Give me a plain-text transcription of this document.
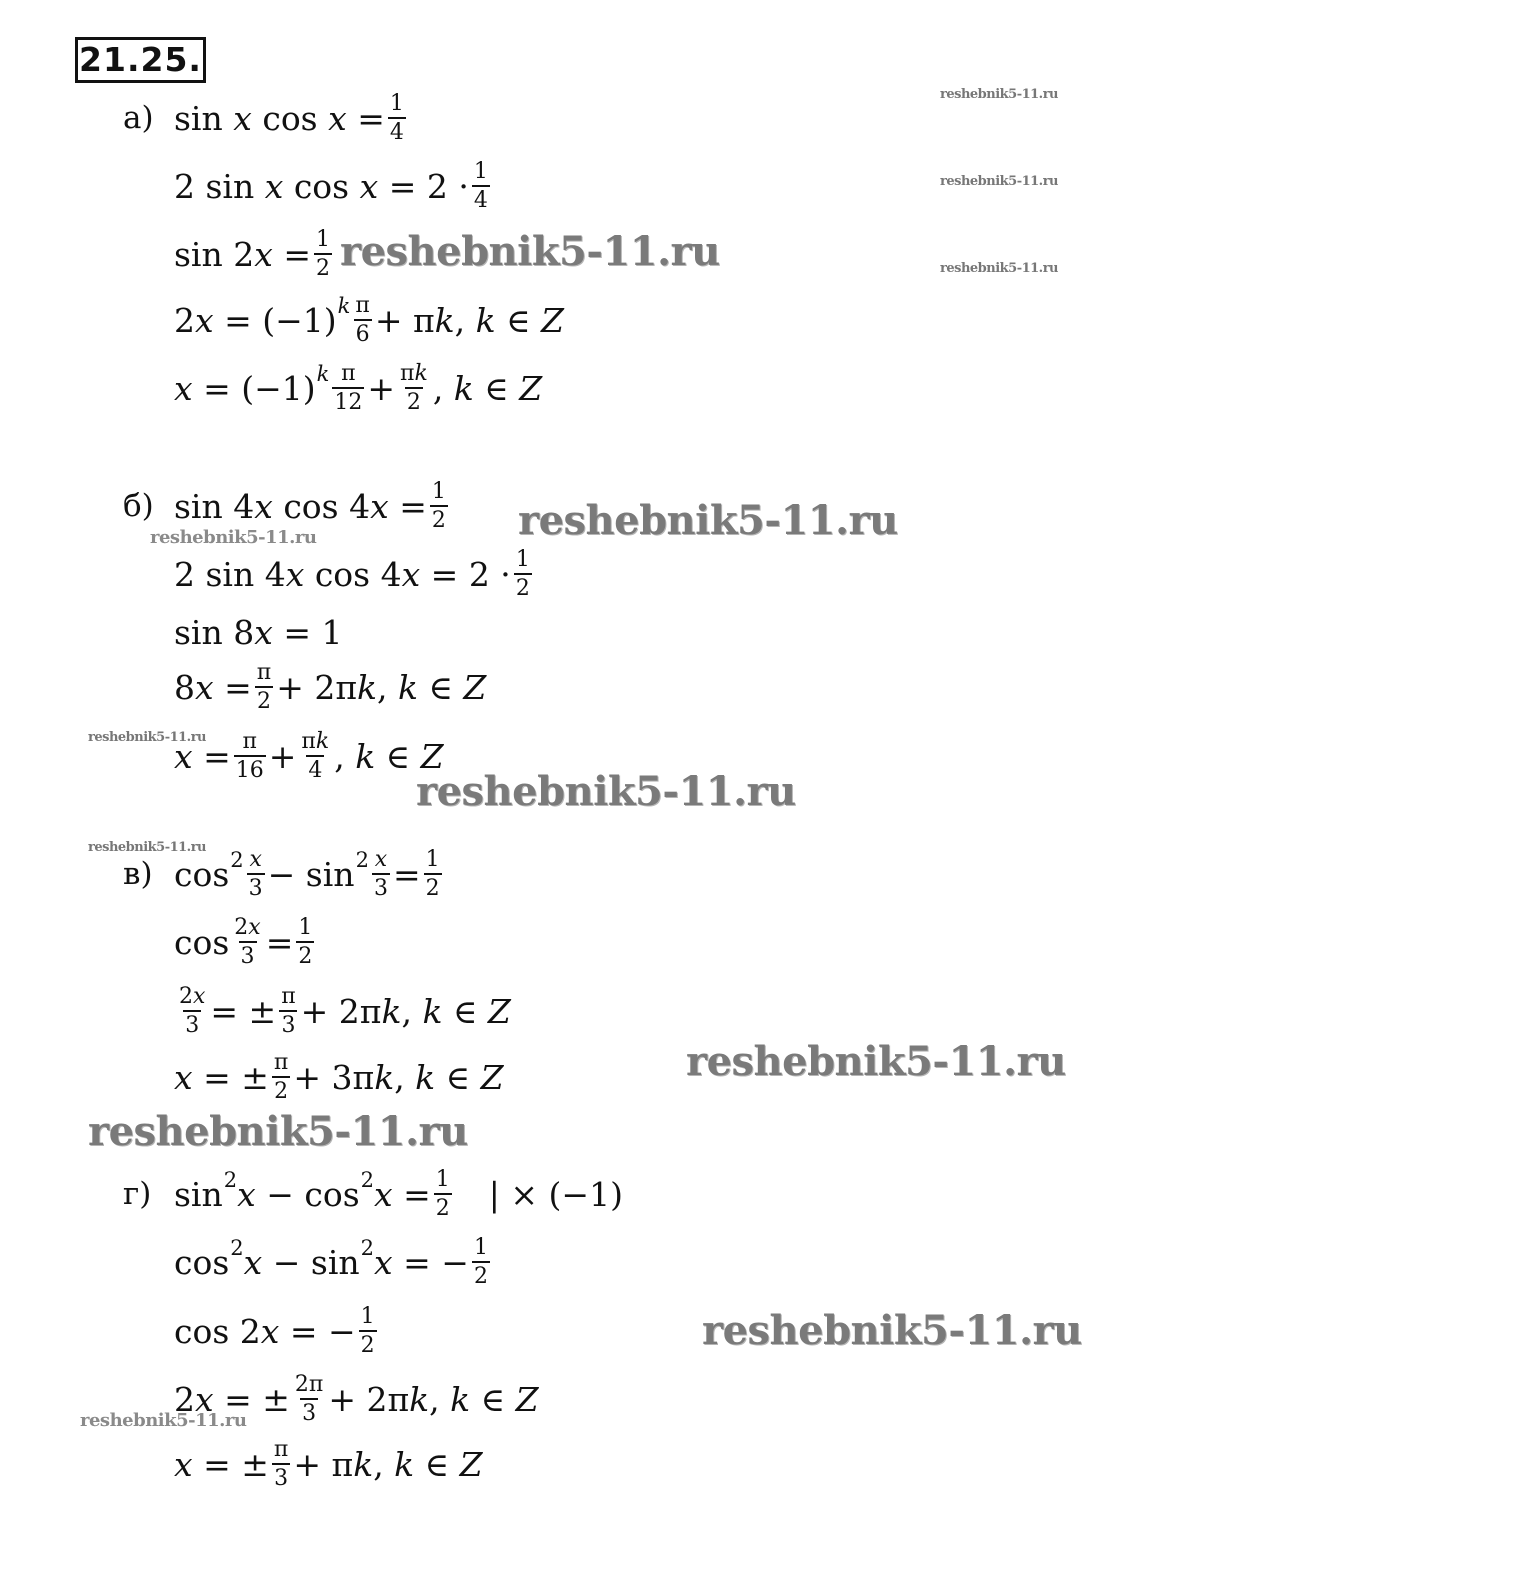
21.25.
а) sin 𝑥 cos 𝑥 = $\frac{1}{4}$
2 sin 𝑥 cos 𝑥 = $2 \cdot \frac{1}{4}$
sin 2𝑥 = $\frac{1}{2}$
2𝑥 = (−1) 𝑘 $\frac{\pi}{6}$ + π𝑘, 𝑘 ∈ 𝑍
𝑥 = (−1) 𝑘 $\frac{\pi}{12} + \frac{\text{π𝑘}}{2}$ , 𝑘 ∈ 𝑍
б) sin 4𝑥 cos 4𝑥 = $\frac{1}{2}$
2 sin 4𝑥 cos 4𝑥 = $2 \cdot \frac{1}{2}$
sin 8𝑥 = 1
8𝑥 = $\frac{\pi}{2}$ + 2π𝑘, 𝑘 ∈ 𝑍
𝑥 = $\frac{\pi}{16} + \frac{\text{π𝑘}}{4}$ , 𝑘 ∈ 𝑍
в) $\cos 2 \frac{\text{𝑥}}{3} - \sin 2 \frac{\text{𝑥}}{3} = \frac{1}{2}$
$\cos \frac{\text{2𝑥}}{3} = \frac{1}{2}$
$\frac{\text{2𝑥}}{3}$ = ± $\frac{\pi}{3}$ + 2π𝑘, 𝑘 ∈ 𝑍
𝑥 = ± $\frac{\pi}{2}$ + 3π𝑘, 𝑘 ∈ 𝑍
г) sin 2 𝑥 − cos 2 𝑥 = $\frac{1}{2}$ | × (−1)
cos 2 𝑥 − sin 2 𝑥 = − $\frac{1}{2}$
cos 2𝑥 = − $\frac{1}{2}$
2𝑥 = ± $\frac{2\pi}{3}$ + 2π𝑘, 𝑘 ∈ 𝑍
𝑥 = ± $\frac{\pi}{3}$ + π𝑘, 𝑘 ∈ 𝑍
reshebnik5-11.ru
reshebnik5-11.ru
reshebnik5-11.ru
reshebnik5-11.ru
reshebnik5-11.ru
reshebnik5-11.ru
reshebnik5-11.ru
reshebnik5-11.ru
reshebnik5-11.ru
reshebnik5-11.ru
reshebnik5-11.ru
reshebnik5-11.ru
reshebnik5-11.ru
